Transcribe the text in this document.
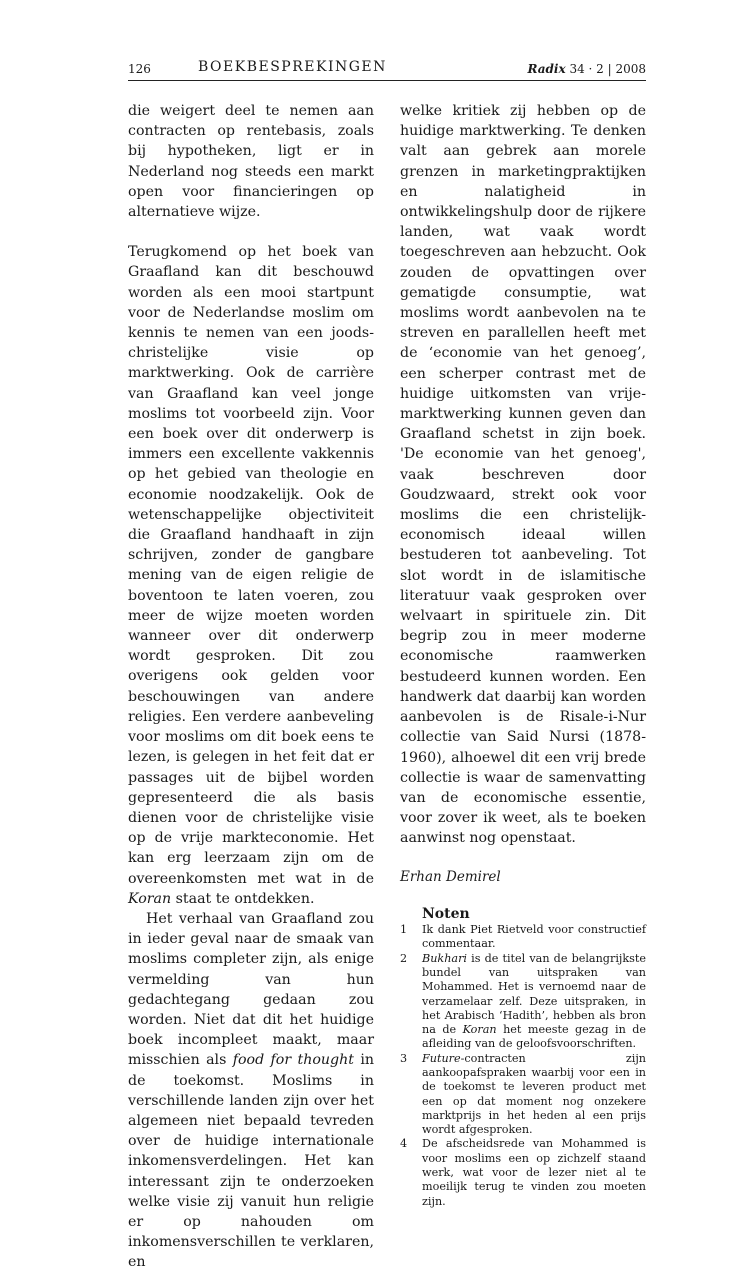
126	BOEKBESPREKINGEN	Radix 34 · 2 | 2008

die weigert deel te nemen aan contracten op rentebasis, zoals bij hypotheken, ligt er in Nederland nog steeds een markt open voor financieringen op alternatieve wijze.

Terugkomend op het boek van Graafland kan dit beschouwd worden als een mooi startpunt voor de Nederlandse moslim om kennis te nemen van een joods-christelijke visie op marktwerking. Ook de carrière van Graafland kan veel jonge moslims tot voorbeeld zijn. Voor een boek over dit onderwerp is immers een excellente vakkennis op het gebied van theologie en economie noodzakelijk. Ook de wetenschappelijke objectiviteit die Graafland handhaaft in zijn schrijven, zonder de gangbare mening van de eigen religie de boventoon te laten voeren, zou meer de wijze moeten worden wanneer over dit onderwerp wordt gesproken. Dit zou overigens ook gelden voor beschouwingen van andere religies. Een verdere aanbeveling voor moslims om dit boek eens te lezen, is gelegen in het feit dat er passages uit de bijbel worden gepresenteerd die als basis dienen voor de christelijke visie op de vrije markteconomie. Het kan erg leerzaam zijn om de overeenkomsten met wat in de Koran staat te ontdekken.

Het verhaal van Graafland zou in ieder geval naar de smaak van moslims completer zijn, als enige vermelding van hun gedachtegang gedaan zou worden. Niet dat dit het huidige boek incompleet maakt, maar misschien als food for thought in de toekomst. Moslims in verschillende landen zijn over het algemeen niet bepaald tevreden over de huidige internationale inkomensverdelingen. Het kan interessant zijn te onderzoeken welke visie zij vanuit hun religie er op nahouden om inkomensverschillen te verklaren, en

welke kritiek zij hebben op de huidige marktwerking. Te denken valt aan gebrek aan morele grenzen in marketingpraktijken en nalatigheid in ontwikkelingshulp door de rijkere landen, wat vaak wordt toegeschreven aan hebzucht. Ook zouden de opvattingen over gematigde consumptie, wat moslims wordt aanbevolen na te streven en parallellen heeft met de ‘economie van het genoeg’, een scherper contrast met de huidige uitkomsten van vrije-marktwerking kunnen geven dan Graafland schetst in zijn boek. 'De economie van het genoeg', vaak beschreven door Goudzwaard, strekt ook voor moslims die een christelijk-economisch ideaal willen bestuderen tot aanbeveling. Tot slot wordt in de islamitische literatuur vaak gesproken over welvaart in spirituele zin. Dit begrip zou in meer moderne economische raamwerken bestudeerd kunnen worden. Een handwerk dat daarbij kan worden aanbevolen is de Risale-i-Nur collectie van Said Nursi (1878-1960), alhoewel dit een vrij brede collectie is waar de samenvatting van de economische essentie, voor zover ik weet, als te boeken aanwinst nog openstaat.

Erhan Demirel

Noten
1	Ik dank Piet Rietveld voor constructief commentaar.
2	Bukhari is de titel van de belangrijkste bundel van uitspraken van Mohammed. Het is vernoemd naar de verzamelaar zelf. Deze uitspraken, in het Arabisch ‘Hadith’, hebben als bron na de Koran het meeste gezag in de afleiding van de geloofsvoorschriften.
3	Future-contracten zijn aankoopafspraken waarbij voor een in de toekomst te leveren product met een op dat moment nog onzekere marktprijs in het heden al een prijs wordt afgesproken.
4	De afscheidsrede van Mohammed is voor moslims een op zichzelf staand werk, wat voor de lezer niet al te moeilijk terug te vinden zou moeten zijn.
